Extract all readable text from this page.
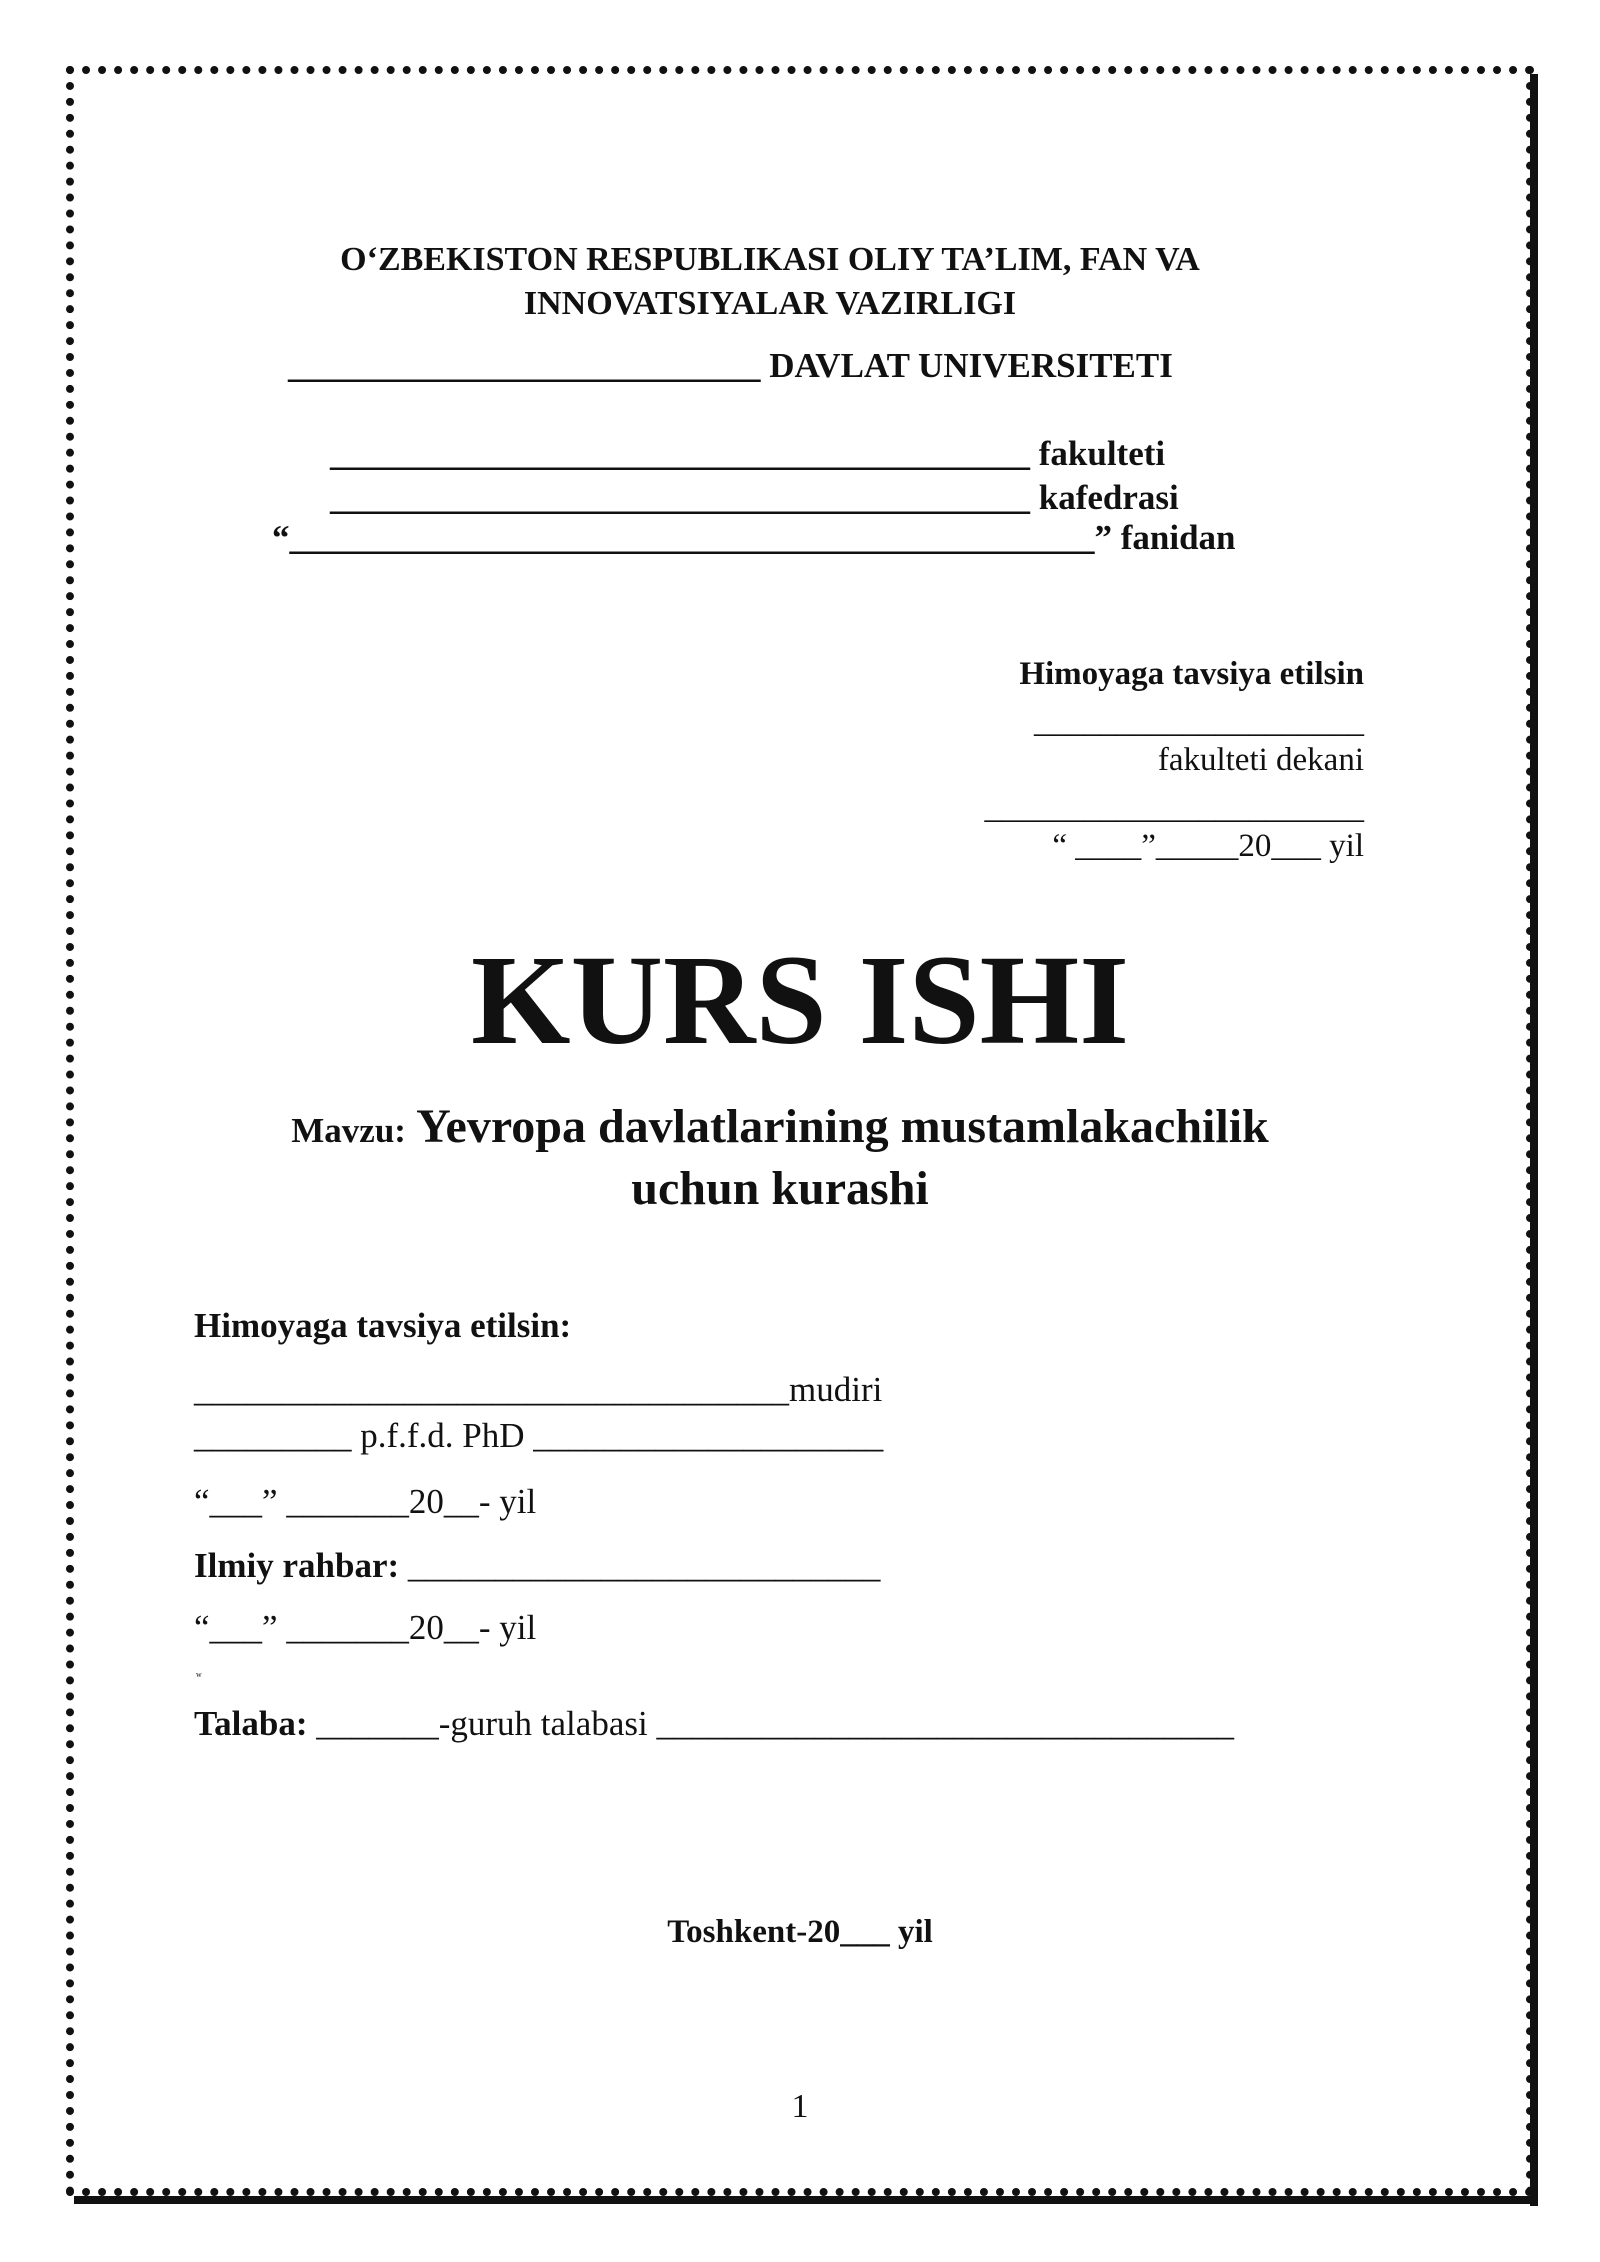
O‘ZBEKISTON RESPUBLIKASI OLIY TA’LIM, FAN VA
INNOVATSIYALAR VAZIRLIGI
___________________________ DAVLAT UNIVERSITETI
________________________________________ fakulteti
________________________________________ kafedrasi
“______________________________________________” fanidan
Himoyaga tavsiya etilsin
____________________
fakulteti dekani
_______________________
“ ____”_____20___ yil
KURS ISHI
Mavzu: Yevropa davlatlarining mustamlakachilik
uchun kurashi
Himoyaga tavsiya etilsin:
__________________________________mudiri
_________ p.f.f.d. PhD ____________________
“___” _______20__- yil
Ilmiy rahbar: ___________________________
“___” _______20__- yil
w
Talaba: _______-guruh talabasi _________________________________
Toshkent-20___ yil
1
